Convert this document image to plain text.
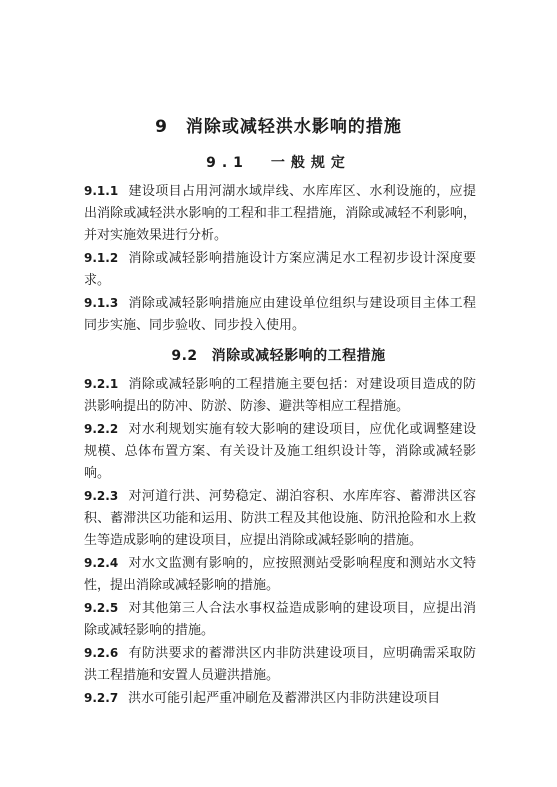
9 消除或减轻洪水影响的措施
9.1 一般规定

9.1.1 建设项目占用河湖水域岸线、水库库区、水利设施的，应提出消除或减轻洪水影响的工程和非工程措施，消除或减轻不利影响，并对实施效果进行分析。

9.1.2 消除或减轻影响措施设计方案应满足水工程初步设计深度要求。

9.1.3 消除或减轻影响措施应由建设单位组织与建设项目主体工程同步实施、同步验收、同步投入使用。

9.2 消除或减轻影响的工程措施

9.2.1 消除或减轻影响的工程措施主要包括：对建设项目造成的防洪影响提出的防冲、防淤、防渗、避洪等相应工程措施。

9.2.2 对水利规划实施有较大影响的建设项目，应优化或调整建设规模、总体布置方案、有关设计及施工组织设计等，消除或减轻影响。

9.2.3 对河道行洪、河势稳定、湖泊容积、水库库容、蓄滞洪区容积、蓄滞洪区功能和运用、防洪工程及其他设施、防汛抢险和水上救生等造成影响的建设项目，应提出消除或减轻影响的措施。

9.2.4 对水文监测有影响的，应按照测站受影响程度和测站水文特性，提出消除或减轻影响的措施。

9.2.5 对其他第三人合法水事权益造成影响的建设项目，应提出消除或减轻影响的措施。

9.2.6 有防洪要求的蓄滞洪区内非防洪建设项目，应明确需采取防洪工程措施和安置人员避洪措施。

9.2.7 洪水可能引起严重冲刷危及蓄滞洪区内非防洪建设项目
